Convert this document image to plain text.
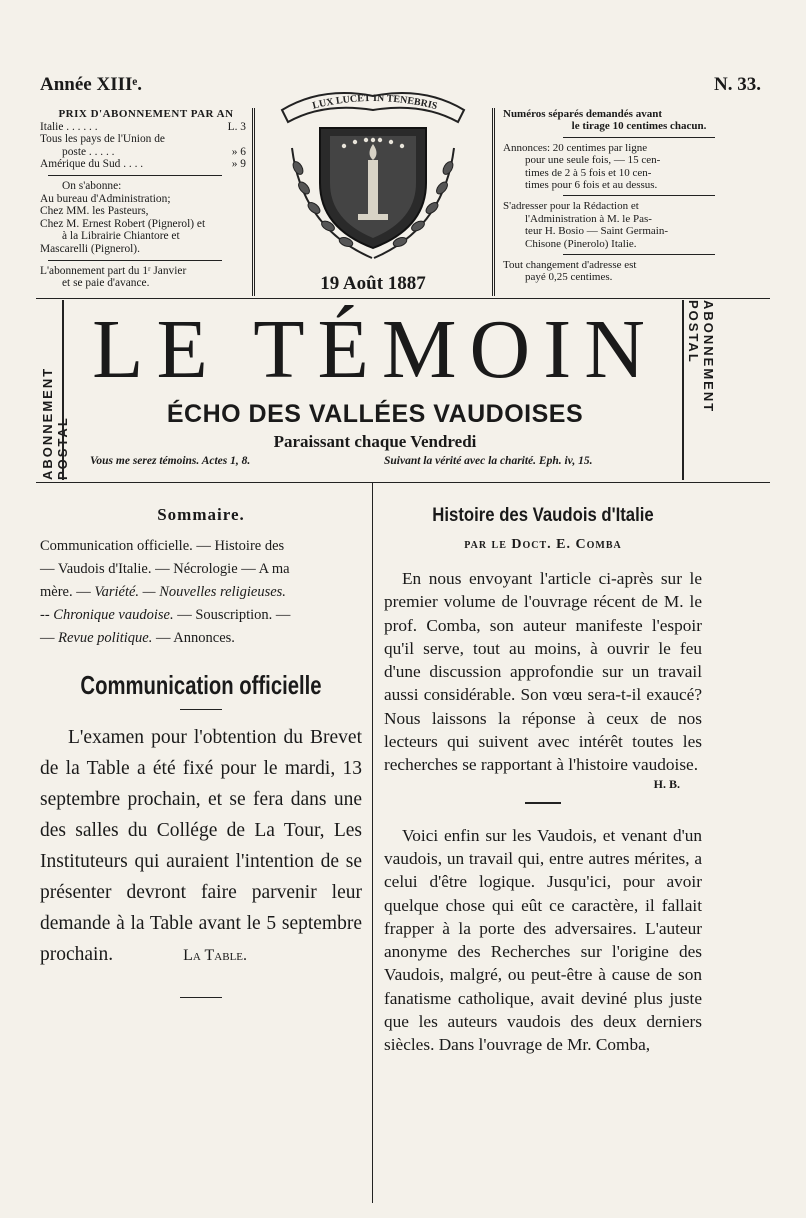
Année XIIIᵉ.	N. 33.
PRIX D'ABONNEMENT PAR AN
Italie . . . . . .	L. 3
Tous les pays de l'Union de
poste . . . . .	» 6
Amérique du Sud . . . .	» 9
On s'abonne:
Au bureau d'Administration;
Chez MM. les Pasteurs,
Chez M. Ernest Robert (Pignerol) et
à la Librairie Chiantore et
Mascarelli (Pignerol).
L'abonnement part du 1ʳ Janvier
et se paie d'avance.
LUX LUCET IN TENEBRIS
19 Août 1887

Numéros séparés demandés avant

le tirage 10 centimes chacun.

Annonces: 20 centimes par ligne

pour une seule fois, — 15 cen-

times de 2 à 5 fois et 10 cen-

times pour 6 fois et au dessus.

S'adresser pour la Rédaction et

l'Administration à M. le Pas-

teur H. Bosio — Saint Germain-

Chisone (Pinerolo) Italie.

Tout changement d'adresse est

payé 0,25 centimes.

ABONNEMENT POSTAL
ABONNEMENT POSTAL
LE TÉMOIN
ÉCHO DES VALLÉES VAUDOISES
Paraissant chaque Vendredi
Vous me serez témoins. Actes 1, 8.	Suivant la vérité avec la charité. Eph. iv, 15.
Sommaire.
Communication officielle. — Histoire des
— Vaudois d'Italie. — Nécrologie — A ma
mère. — Variété. — Nouvelles religieuses.
-- Chronique vaudoise. — Souscription. —
— Revue politique. — Annonces.
Communication officielle

L'examen pour l'obtention du Brevet de la Table a été fixé pour le mardi, 13 septembre prochain, et se fera dans une des salles du Collége de La Tour, Les Instituteurs qui auraient l'intention de se présenter devront faire parvenir leur demande à la Table avant le 5 septembre prochain.	La Table.

Histoire des Vaudois d'Italie
par le Doct. E. Comba

En nous envoyant l'article ci-après sur le premier volume de l'ouvrage récent de M. le prof. Comba, son auteur manifeste l'espoir qu'il serve, tout au moins, à ouvrir le feu d'une discussion approfondie sur un travail aussi considérable. Son vœu sera-t-il exaucé? Nous laissons la réponse à ceux de nos lecteurs qui suivent avec intérêt toutes les recherches se rapportant à l'histoire vaudoise.

H. B.

Voici enfin sur les Vaudois, et venant d'un vaudois, un travail qui, entre autres mérites, a celui d'être logique. Jusqu'ici, pour avoir quelque chose qui eût ce caractère, il fallait frapper à la porte des adversaires. L'auteur anonyme des Recherches sur l'origine des Vaudois, malgré, ou peut-être à cause de son fanatisme catholique, avait deviné plus juste que les auteurs vaudois des deux derniers siècles. Dans l'ouvrage de Mr. Comba,
